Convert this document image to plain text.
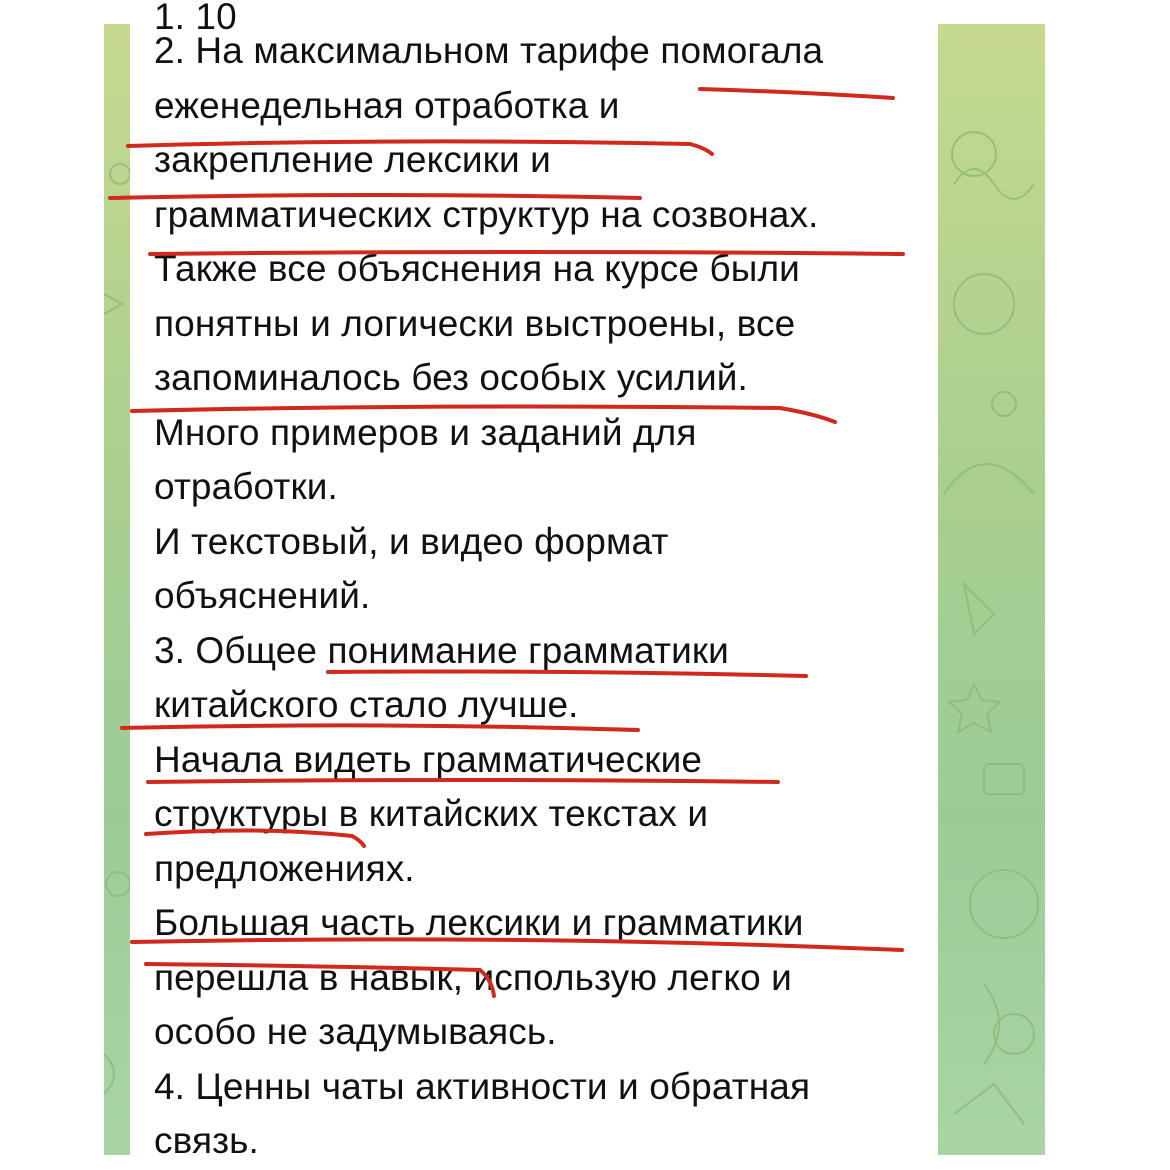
1. 10
2. На максимальном тарифе помогала
еженедельная отработка и
закрепление лексики и
грамматических структур на созвонах.
Также все объяснения на курсе были
понятны и логически выстроены, все
запоминалось без особых усилий.
Много примеров и заданий для
отработки.
И текстовый, и видео формат
объяснений.
3. Общее понимание грамматики
китайского стало лучше.
Начала видеть грамматические
структуры в китайских текстах и
предложениях.
Большая часть лексики и грамматики
перешла в навык, использую легко и
особо не задумываясь.
4. Ценны чаты активности и обратная
связь.
